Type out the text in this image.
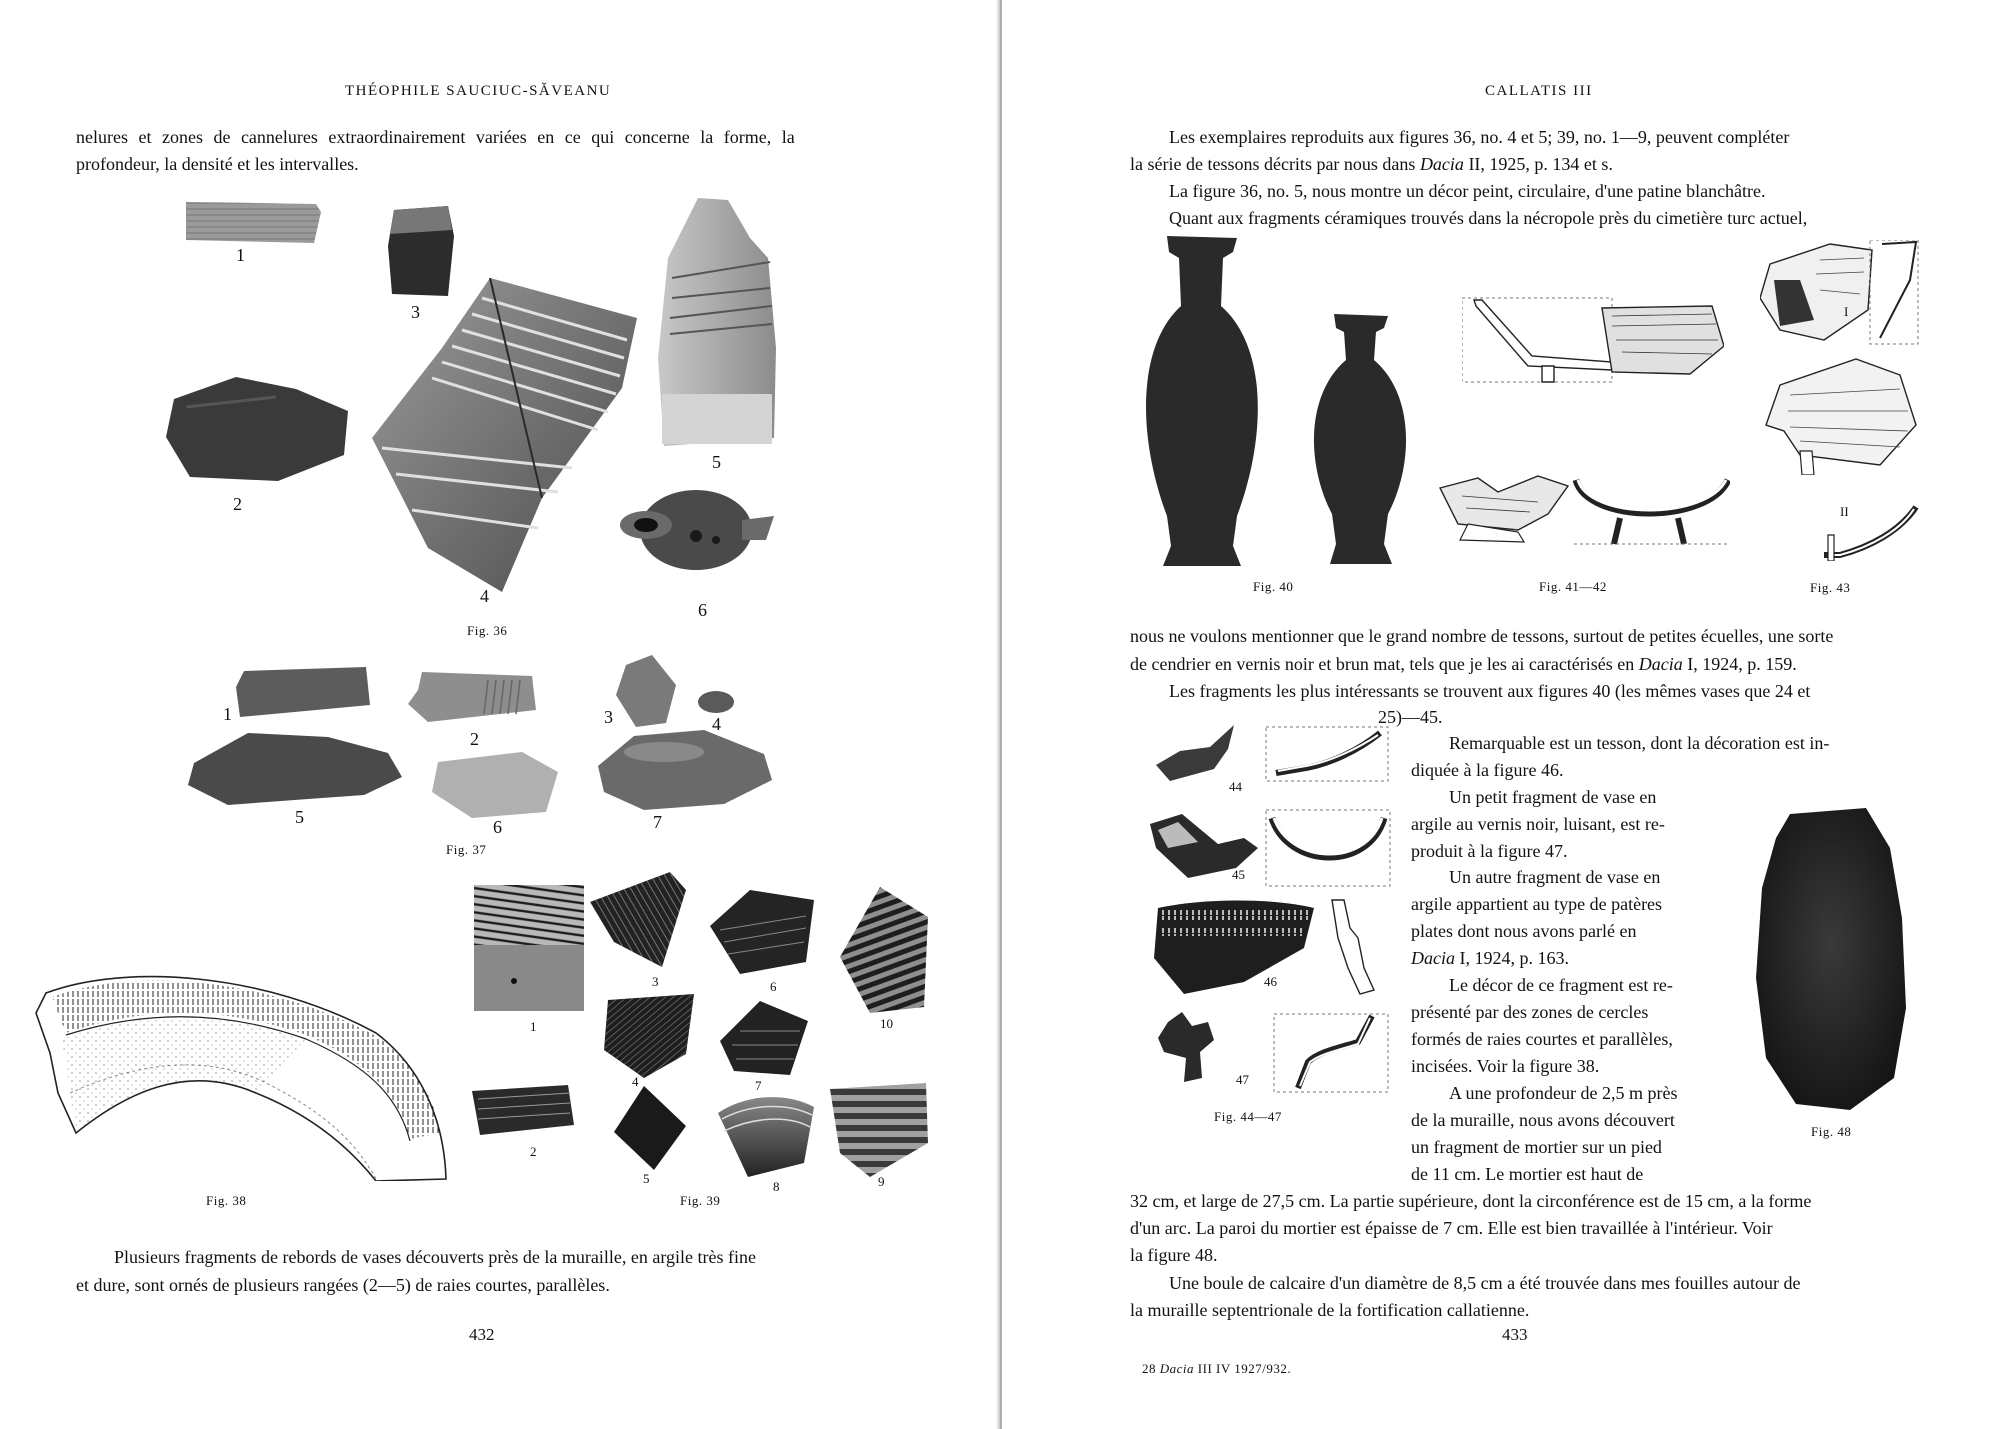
THÉOPHILE SAUCIUC-SĂVEANU

nelures et zones de cannelures extraordinairement variées en ce qui concerne la forme, la

profondeur, la densité et les intervalles.

1
2
3
4
5
6
Fig. 36
1
2
3	4
5	6	7
Fig. 37
Fig. 38
1
2
3
4
5
6
7
8	9
10
Fig. 39

Plusieurs fragments de rebords de vases découverts près de la muraille, en argile très fine

et dure, sont ornés de plusieurs rangées (2—5) de raies courtes, parallèles.

432

CALLATIS III

Les exemplaires reproduits aux figures 36, no. 4 et 5; 39, no. 1—9, peuvent compléter

la série de tessons décrits par nous dans Dacia II, 1925, p. 134 et s.

La figure 36, no. 5, nous montre un décor peint, circulaire, d'une patine blanchâtre.

Quant aux fragments céramiques trouvés dans la nécropole près du cimetière turc actuel,

Fig. 40	Fig. 41—42
I
II
Fig. 43

nous ne voulons mentionner que le grand nombre de tessons, surtout de petites écuelles, une sorte

de cendrier en vernis noir et brun mat, tels que je les ai caractérisés en Dacia I, 1924, p. 159.

Les fragments les plus intéressants se trouvent aux figures 40 (les mêmes vases que 24 et

25)—45.

44
45
46
47
Fig. 44—47

Remarquable est un tesson, dont la décoration est in-

diquée à la figure 46.

Un petit fragment de vase en

argile au vernis noir, luisant, est re-

produit à la figure 47.

Un autre fragment de vase en

argile appartient au type de patères

plates dont nous avons parlé en

Dacia I, 1924, p. 163.

Le décor de ce fragment est re-

présenté par des zones de cercles

formés de raies courtes et parallèles,

incisées. Voir la figure 38.

A une profondeur de 2,5 m près

de la muraille, nous avons découvert

un fragment de mortier sur un pied

de 11 cm. Le mortier est haut de

32 cm, et large de 27,5 cm. La partie supérieure, dont la circonférence est de 15 cm, a la forme

d'un arc. La paroi du mortier est épaisse de 7 cm. Elle est bien travaillée à l'intérieur. Voir

la figure 48.

Fig. 48

Une boule de calcaire d'un diamètre de 8,5 cm a été trouvée dans mes fouilles autour de

la muraille septentrionale de la fortification callatienne.

28 Dacia III IV 1927/932.

433
